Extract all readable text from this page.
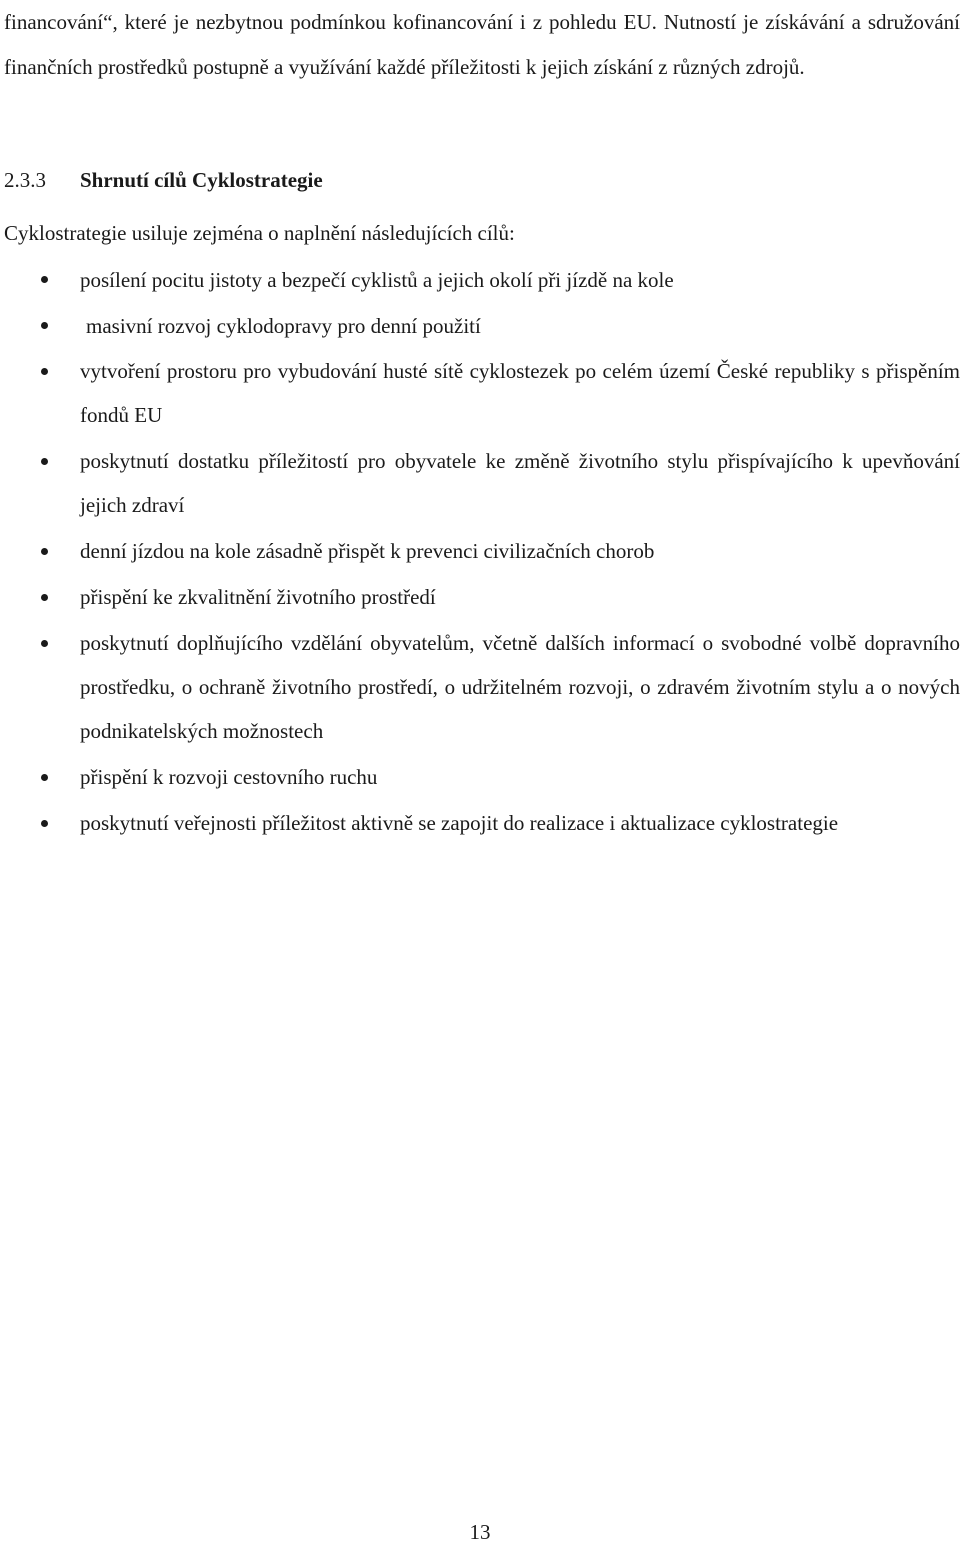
financování“, které je nezbytnou podmínkou kofinancování i z pohledu EU. Nutností je získávání a sdružování finančních prostředků postupně a využívání každé příležitosti k jejich získání z různých zdrojů.

2.3.3 Shrnutí cílů Cyklostrategie
Cyklostrategie usiluje zejména o naplnění následujících cílů:
posílení pocitu jistoty a bezpečí cyklistů a jejich okolí při jízdě na kole
masivní rozvoj cyklodopravy pro denní použití
vytvoření prostoru pro vybudování husté sítě cyklostezek po celém území České republiky s přispěním fondů EU
poskytnutí dostatku příležitostí pro obyvatele ke změně životního stylu přispívajícího k upevňování jejich zdraví
denní jízdou na kole zásadně přispět k prevenci civilizačních chorob
přispění ke zkvalitnění životního prostředí
poskytnutí doplňujícího vzdělání obyvatelům, včetně dalších informací o svobodné volbě dopravního prostředku, o ochraně životního prostředí, o udržitelném rozvoji, o zdravém životním stylu a o nových podnikatelských možnostech
přispění k rozvoji cestovního ruchu
poskytnutí veřejnosti příležitost aktivně se zapojit do realizace i aktualizace cyklostrategie
13
